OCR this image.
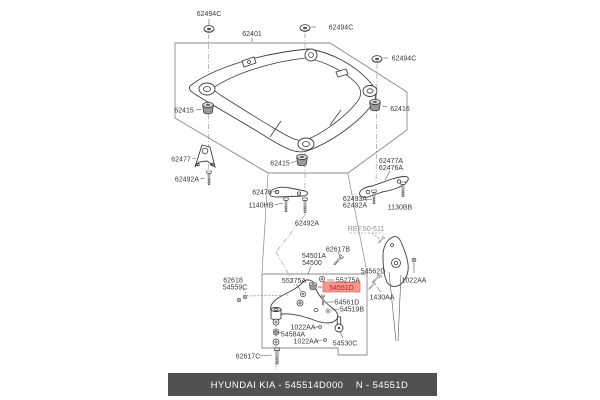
54551D
62494C
62401
62494C
62494C
62415	62416
62477
62492A
62415
62476
1140HB
62492A
62477A
62476A
62493A
62492A	1130BB
REF.50-511
62617B
54501A
54500
54562D
1022AA
55275A	55275A
1430AA
62618
54559C
54561D
54519B
1022AA
54584A
1022AA 54530C
62617C
HYUNDAI KIA - 545514D000 N - 54551D
